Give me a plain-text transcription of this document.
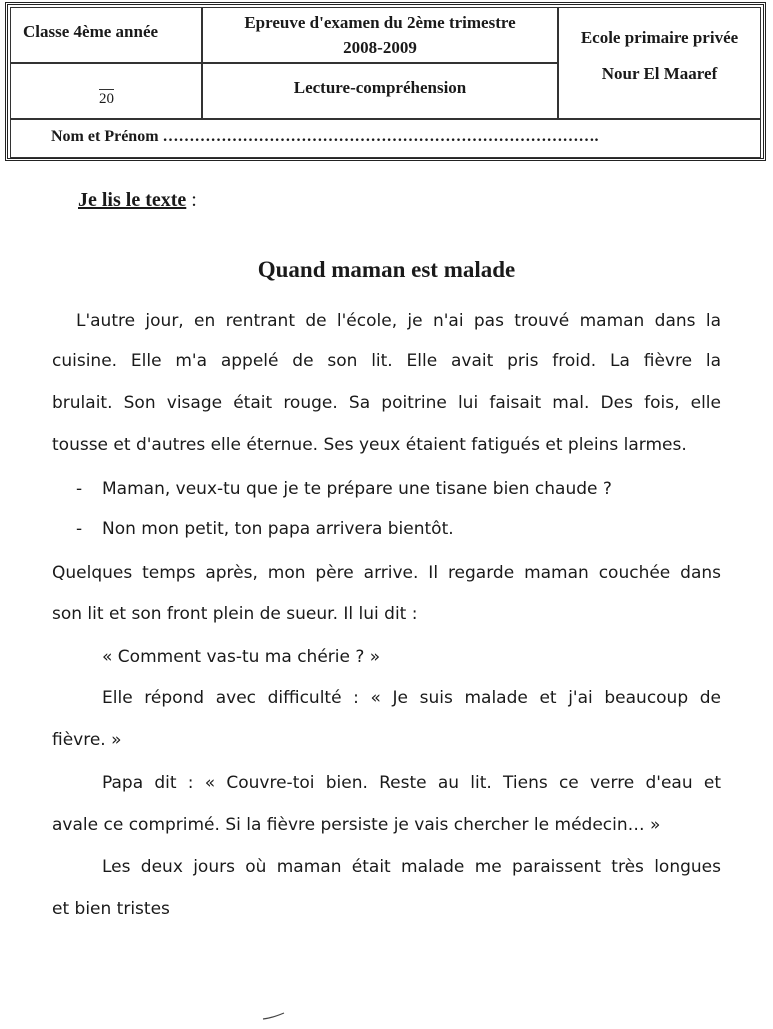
Classe 4ème année	Epreuve d'examen du 2ème trimestre
2008-2009
Ecole primaire privée
Nour El Maaref
20
Lecture-compréhension
Nom et Prénom ……………………………………………………………………….
Je lis le texte :
Quand maman est malade
L'autre jour, en rentrant de l'école, je n'ai pas trouvé maman dans la
cuisine. Elle m'a appelé de son lit. Elle avait pris froid. La fièvre la
brulait. Son visage était rouge. Sa poitrine lui faisait mal. Des fois, elle
tousse et d'autres elle éternue. Ses yeux étaient fatigués et pleins larmes.
- Maman, veux-tu que je te prépare une tisane bien chaude ?
- Non mon petit, ton papa arrivera bientôt.
Quelques temps après, mon père arrive. Il regarde maman couchée dans
son lit et son front plein de sueur. Il lui dit :
« Comment vas-tu ma chérie ? »
Elle répond avec difficulté : « Je suis malade et j'ai beaucoup de
fièvre. »
Papa dit : « Couvre-toi bien. Reste au lit. Tiens ce verre d'eau et
avale ce comprimé. Si la fièvre persiste je vais chercher le médecin… »
Les deux jours où maman était malade me paraissent très longues
et bien tristes
